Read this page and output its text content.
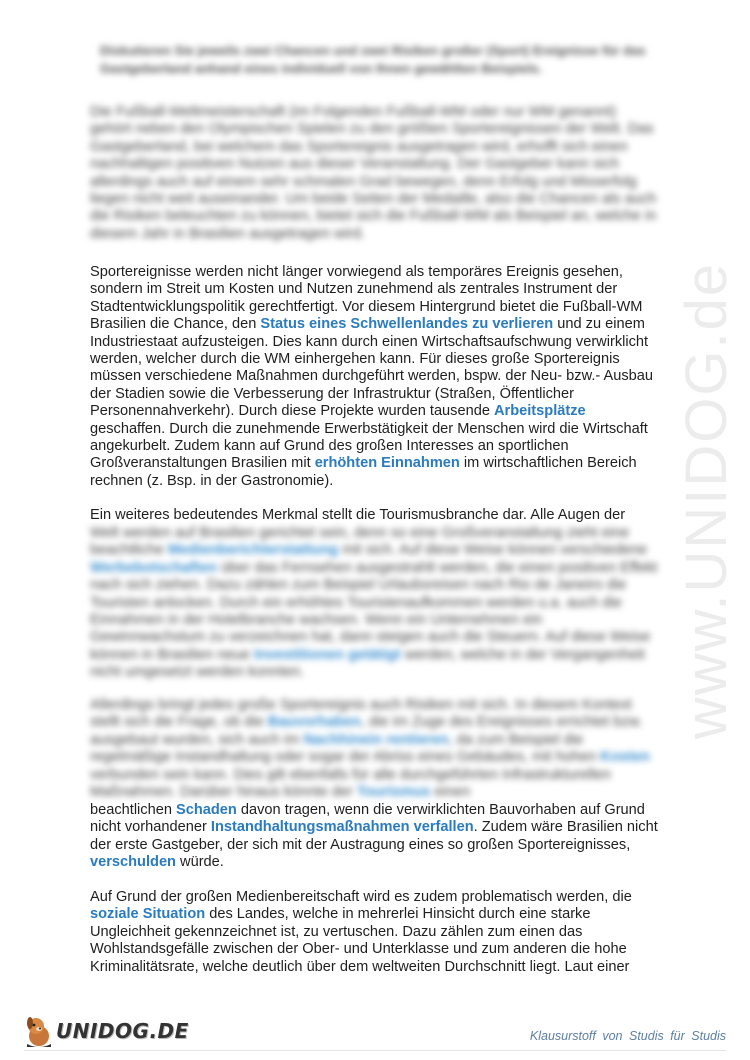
www.UNIDOG.de

Diskutieren Sie jeweils zwei Chancen und zwei Risiken großer (Sport) Ereignisse für das Gastgeberland anhand eines individuell von Ihnen gewählten Beispiels.

Die Fußball-Weltmeisterschaft (im Folgenden Fußball-WM oder nur WM genannt) gehört neben den Olympischen Spielen zu den größten Sportereignissen der Welt. Das Gastgeberland, bei welchem das Sportereignis ausgetragen wird, erhofft sich einen nachhaltigen positiven Nutzen aus dieser Veranstaltung. Der Gastgeber kann sich allerdings auch auf einem sehr schmalen Grad bewegen, denn Erfolg und Misserfolg liegen nicht weit auseinander. Um beide Seiten der Medaille, also die Chancen als auch die Risiken beleuchten zu können, bietet sich die Fußball-WM als Beispiel an, welche in diesem Jahr in Brasilien ausgetragen wird.

Sportereignisse werden nicht länger vorwiegend als temporäres Ereignis gesehen, sondern im Streit um Kosten und Nutzen zunehmend als zentrales Instrument der Stadtentwicklungspolitik gerechtfertigt. Vor diesem Hintergrund bietet die Fußball-WM Brasilien die Chance, den Status eines Schwellenlandes zu verlieren und zu einem Industriestaat aufzusteigen. Dies kann durch einen Wirtschaftsaufschwung verwirklicht werden, welcher durch die WM einhergehen kann. Für dieses große Sportereignis müssen verschiedene Maßnahmen durchgeführt werden, bspw. der Neu- bzw.- Ausbau der Stadien sowie die Verbesserung der Infrastruktur (Straßen, Öffentlicher Personennahverkehr). Durch diese Projekte wurden tausende Arbeitsplätze geschaffen. Durch die zunehmende Erwerbstätigkeit der Menschen wird die Wirtschaft angekurbelt. Zudem kann auf Grund des großen Interesses an sportlichen Großveranstaltungen Brasilien mit erhöhten Einnahmen im wirtschaftlichen Bereich rechnen (z. Bsp. in der Gastronomie).

Ein weiteres bedeutendes Merkmal stellt die Tourismusbranche dar. Alle Augen der

Welt werden auf Brasilien gerichtet sein, denn so eine Großveranstaltung zieht eine beachtliche Medienberichterstattung mit sich. Auf diese Weise können verschiedene Werbebotschaften über das Fernsehen ausgestrahlt werden, die einen positiven Effekt nach sich ziehen. Dazu zählen zum Beispiel Urlaubsreisen nach Rio de Janeiro die Touristen anlocken. Durch ein erhöhtes Touristenaufkommen werden u.a. auch die Einnahmen in der Hotelbranche wachsen. Wenn ein Unternehmen ein Gewinnwachstum zu verzeichnen hat, dann steigen auch die Steuern. Auf diese Weise können in Brasilien neue Investitionen getätigt werden, welche in der Vergangenheit nicht umgesetzt werden konnten.

Allerdings bringt jedes große Sportereignis auch Risiken mit sich. In diesem Kontext stellt sich die Frage, ob die Bauvorhaben, die im Zuge des Ereignisses errichtet bzw. ausgebaut wurden, sich auch im Nachhinein rentieren, da zum Beispiel die regelmäßige Instandhaltung oder sogar der Abriss eines Gebäudes, mit hohen Kosten verbunden sein kann. Dies gilt ebenfalls für alle durchgeführten Infrastrukturellen Maßnahmen. Darüber hinaus könnte der Tourismus einen

beachtlichen Schaden davon tragen, wenn die verwirklichten Bauvorhaben auf Grund nicht vorhandener Instandhaltungsmaßnahmen verfallen. Zudem wäre Brasilien nicht der erste Gastgeber, der sich mit der Austragung eines so großen Sportereignisses, verschulden würde.

Auf Grund der großen Medienbereitschaft wird es zudem problematisch werden, die soziale Situation des Landes, welche in mehrerlei Hinsicht durch eine starke Ungleichheit gekennzeichnet ist, zu vertuschen. Dazu zählen zum einen das Wohlstandsgefälle zwischen der Ober- und Unterklasse und zum anderen die hohe Kriminalitätsrate, welche deutlich über dem weltweiten Durchschnitt liegt. Laut einer

UNIDOG.DE	Klausurstoff von Studis für Studis
